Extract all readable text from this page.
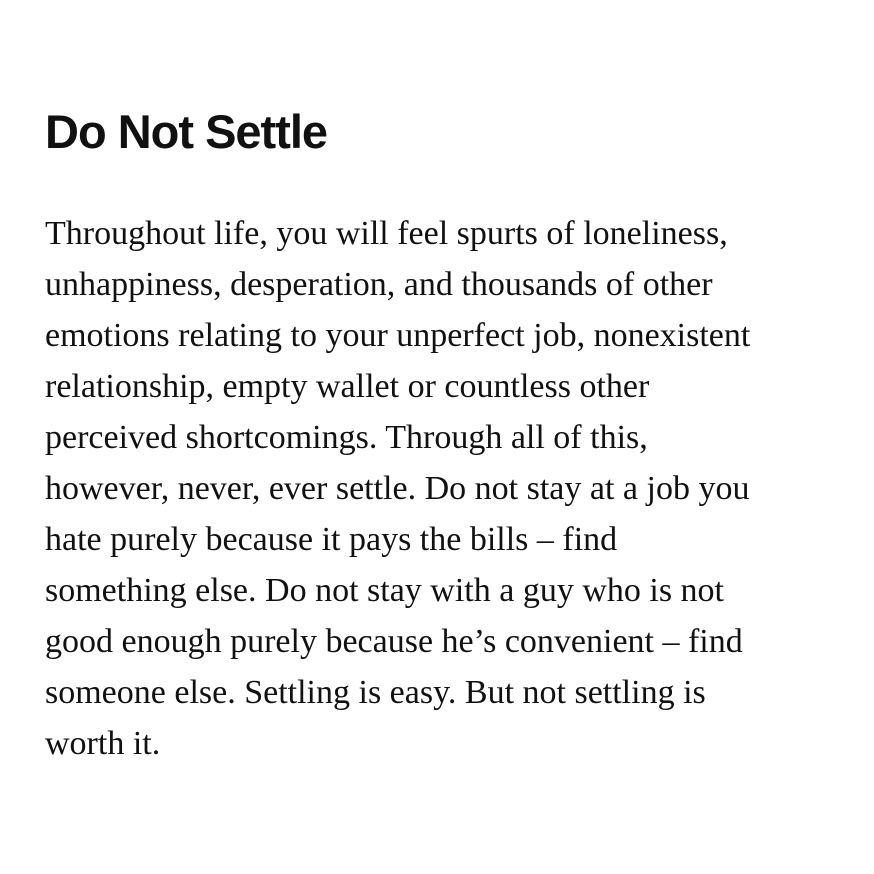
Do Not Settle

Throughout life, you will feel spurts of loneliness,
unhappiness, desperation, and thousands of other
emotions relating to your unperfect job, nonexistent
relationship, empty wallet or countless other
perceived shortcomings. Through all of this,
however, never, ever settle. Do not stay at a job you
hate purely because it pays the bills – find
something else. Do not stay with a guy who is not
good enough purely because he’s convenient – find
someone else. Settling is easy. But not settling is
worth it.
